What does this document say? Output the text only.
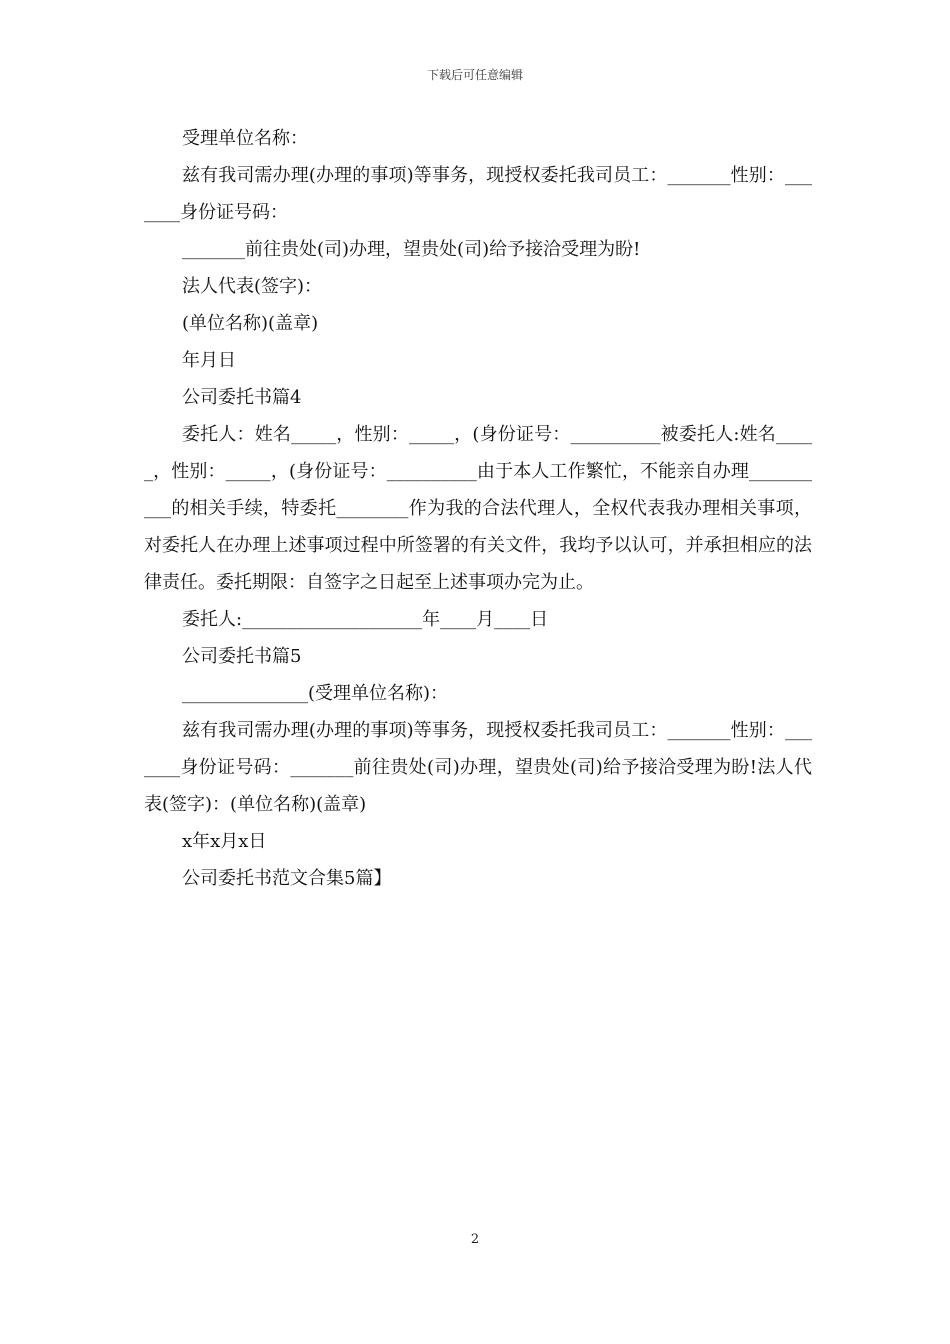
下载后可任意编辑

受理单位名称：

兹有我司需办理(办理的事项)等事务，现授权委托我司员工：_______性别：_______身份证号码：

_______前往贵处(司)办理，望贵处(司)给予接洽受理为盼!

法人代表(签字)：

(单位名称)(盖章)

年月日

公司委托书篇4

委托人：姓名_____，性别：_____，(身份证号：__________被委托人:姓名_____，性别：_____，(身份证号：__________由于本人工作繁忙，不能亲自办理__________的相关手续，特委托________作为我的合法代理人，全权代表我办理相关事项，对委托人在办理上述事项过程中所签署的有关文件，我均予以认可，并承担相应的法律责任。委托期限：自签字之日起至上述事项办完为止。

委托人:____________________年____月____日

公司委托书篇5

______________(受理单位名称)：

兹有我司需办理(办理的事项)等事务，现授权委托我司员工：_______性别：_______身份证号码：_______前往贵处(司)办理，望贵处(司)给予接洽受理为盼!法人代表(签字)：(单位名称)(盖章)

x年x月x日

公司委托书范文合集5篇】

2
